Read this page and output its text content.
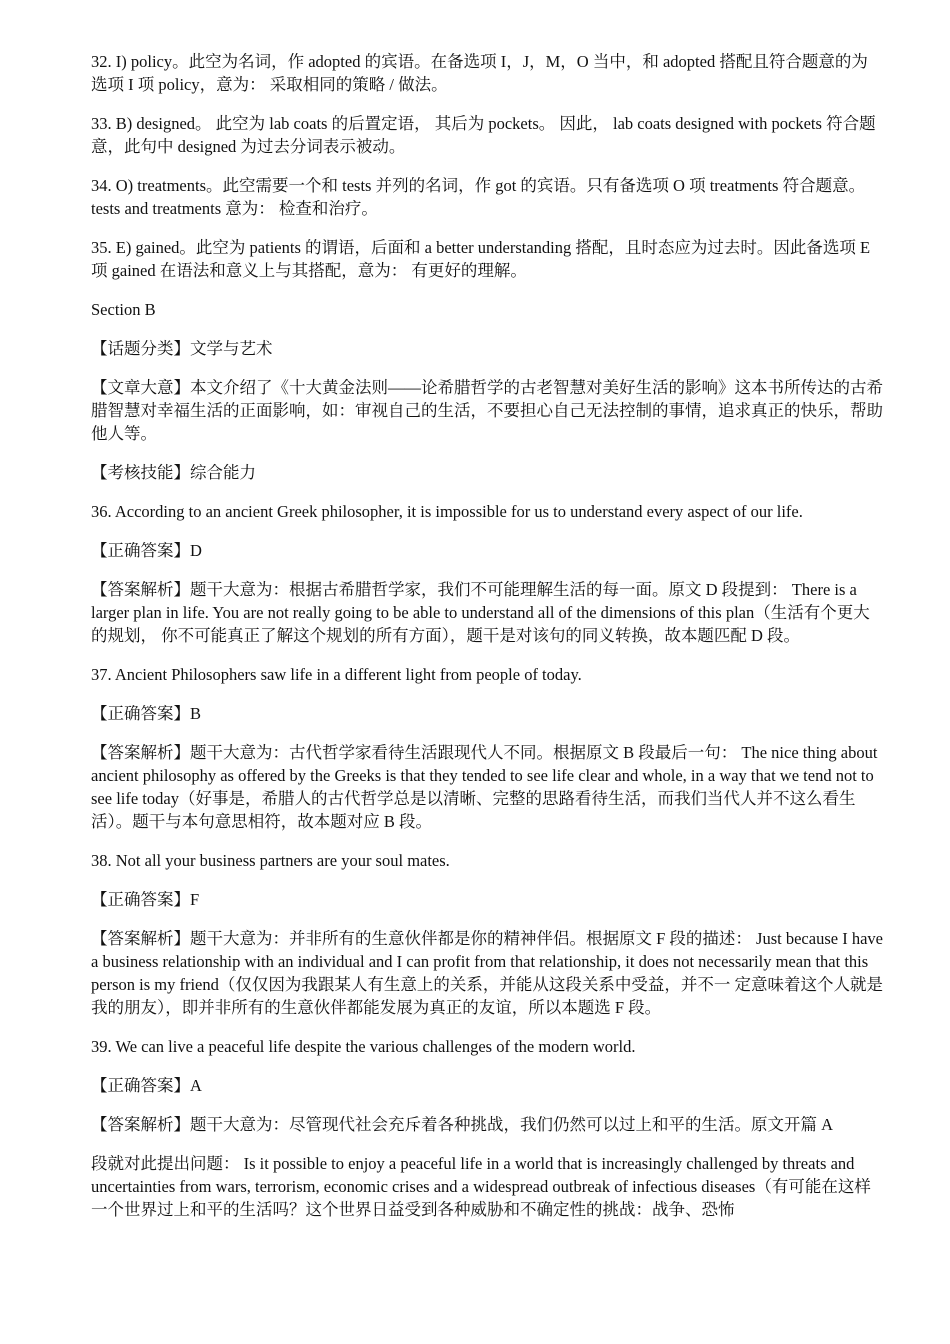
32. I) policy。此空为名词，作 adopted 的宾语。在备选项 I，J，M，O 当中，和 adopted 搭配且符合题意的为选项 I 项 policy，意为： 采取相同的策略 / 做法。

33. B) designed。 此空为 lab coats 的后置定语， 其后为 pockets。 因此， lab coats designed with pockets 符合题意，此句中 designed 为过去分词表示被动。

34. O) treatments。此空需要一个和 tests 并列的名词，作 got 的宾语。只有备选项 O 项 treatments 符合题意。tests and treatments 意为： 检查和治疗。

35. E) gained。此空为 patients 的谓语，后面和 a better understanding 搭配，且时态应为过去时。因此备选项 E 项 gained 在语法和意义上与其搭配，意为： 有更好的理解。

Section B

【话题分类】文学与艺术

【文章大意】本文介绍了《十大黄金法则——论希腊哲学的古老智慧对美好生活的影响》这本书所传达的古希腊智慧对幸福生活的正面影响，如：审视自己的生活，不要担心自己无法控制的事情，追求真正的快乐，帮助他人等。

【考核技能】综合能力

36. According to an ancient Greek philosopher, it is impossible for us to understand every aspect of our life.

【正确答案】D

【答案解析】题干大意为：根据古希腊哲学家，我们不可能理解生活的每一面。原文 D 段提到： There is a larger plan in life. You are not really going to be able to understand all of the dimensions of this plan（生活有个更大的规划， 你不可能真正了解这个规划的所有方面），题干是对该句的同义转换，故本题匹配 D 段。

37. Ancient Philosophers saw life in a different light from people of today.

【正确答案】B

【答案解析】题干大意为：古代哲学家看待生活跟现代人不同。根据原文 B 段最后一句： The nice thing about ancient philosophy as offered by the Greeks is that they tended to see life clear and whole, in a way that we tend not to see life today（好事是，希腊人的古代哲学总是以清晰、完整的思路看待生活，而我们当代人并不这么看生活）。题干与本句意思相符，故本题对应 B 段。

38. Not all your business partners are your soul mates.

【正确答案】F

【答案解析】题干大意为：并非所有的生意伙伴都是你的精神伴侣。根据原文 F 段的描述： Just because I have a business relationship with an individual and I can profit from that relationship, it does not necessarily mean that this person is my friend（仅仅因为我跟某人有生意上的关系，并能从这段关系中受益，并不一 定意味着这个人就是我的朋友），即并非所有的生意伙伴都能发展为真正的友谊，所以本题选 F 段。

39. We can live a peaceful life despite the various challenges of the modern world.

【正确答案】A

【答案解析】题干大意为：尽管现代社会充斥着各种挑战，我们仍然可以过上和平的生活。原文开篇 A

段就对此提出问题： Is it possible to enjoy a peaceful life in a world that is increasingly challenged by threats and uncertainties from wars, terrorism, economic crises and a widespread outbreak of infectious diseases（有可能在这样一个世界过上和平的生活吗？这个世界日益受到各种威胁和不确定性的挑战：战争、恐怖
